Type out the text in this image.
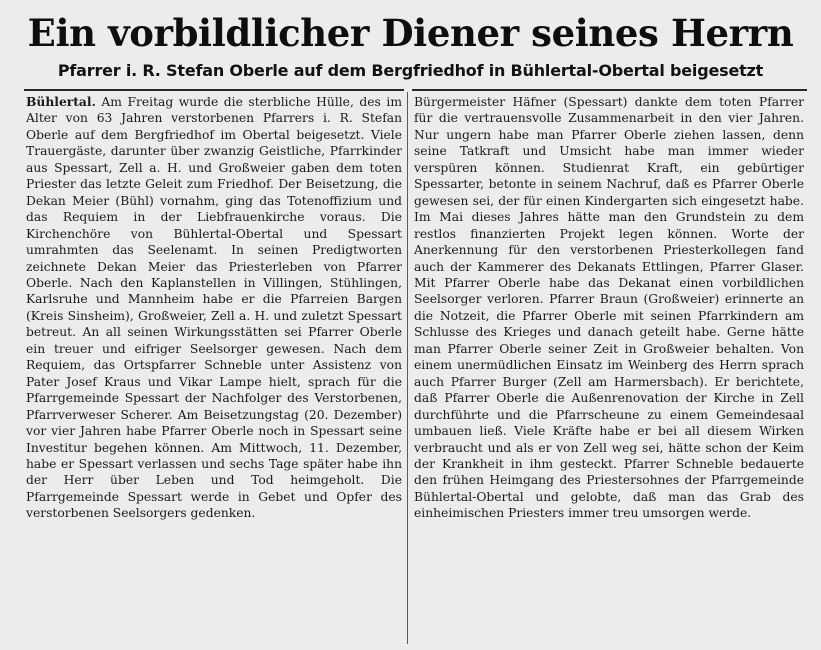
Ein vorbildlicher Diener seines Herrn
Pfarrer i. R. Stefan Oberle auf dem Bergfriedhof in Bühlertal-Obertal beigesetzt

Bühlertal. Am Freitag wurde die sterbliche Hülle, des im Alter von 63 Jahren verstorbenen Pfarrers i. R. Stefan Oberle auf dem Bergfriedhof im Obertal beigesetzt. Viele Trauergäste, darunter über zwanzig Geistliche, Pfarrkinder aus Spessart, Zell a. H. und Großweier gaben dem toten Priester das letzte Geleit zum Friedhof. Der Beisetzung, die Dekan Meier (Bühl) vornahm, ging das Totenoffizium und das Requiem in der Liebfrauenkirche voraus. Die Kirchenchöre von Bühlertal-Obertal und Spessart umrahmten das Seelenamt. In seinen Predigtworten zeichnete Dekan Meier das Priesterleben von Pfarrer Oberle. Nach den Kaplanstellen in Villingen, Stühlingen, Karlsruhe und Mannheim habe er die Pfarreien Bargen (Kreis Sinsheim), Großweier, Zell a. H. und zuletzt Spessart betreut. An all seinen Wirkungsstätten sei Pfarrer Oberle ein treuer und eifriger Seelsorger gewesen. Nach dem Requiem, das Ortspfarrer Schneble unter Assistenz von Pater Josef Kraus und Vikar Lampe hielt, sprach für die Pfarrgemeinde Spessart der Nachfolger des Verstorbenen, Pfarrverweser Scherer. Am Beisetzungstag (20. Dezember) vor vier Jahren habe Pfarrer Oberle noch in Spessart seine Investitur begehen können. Am Mittwoch, 11. Dezember, habe er Spessart verlassen und sechs Tage später habe ihn der Herr über Leben und Tod heimgeholt. Die Pfarrgemeinde Spessart werde in Gebet und Opfer des verstorbenen Seelsorgers gedenken.

Bürgermeister Häfner (Spessart) dankte dem toten Pfarrer für die vertrauensvolle Zusammenarbeit in den vier Jahren. Nur ungern habe man Pfarrer Oberle ziehen lassen, denn seine Tatkraft und Umsicht habe man immer wieder verspüren können. Studienrat Kraft, ein gebürtiger Spessarter, betonte in seinem Nachruf, daß es Pfarrer Oberle gewesen sei, der für einen Kindergarten sich eingesetzt habe. Im Mai dieses Jahres hätte man den Grundstein zu dem restlos finanzierten Projekt legen können. Worte der Anerkennung für den verstorbenen Priesterkollegen fand auch der Kammerer des Dekanats Ettlingen, Pfarrer Glaser. Mit Pfarrer Oberle habe das Dekanat einen vorbildlichen Seelsorger verloren. Pfarrer Braun (Großweier) erinnerte an die Notzeit, die Pfarrer Oberle mit seinen Pfarrkindern am Schlusse des Krieges und danach geteilt habe. Gerne hätte man Pfarrer Oberle seiner Zeit in Großweier behalten. Von einem unermüdlichen Einsatz im Weinberg des Herrn sprach auch Pfarrer Burger (Zell am Harmersbach). Er berichtete, daß Pfarrer Oberle die Außenrenovation der Kirche in Zell durchführte und die Pfarrscheune zu einem Gemeindesaal umbauen ließ. Viele Kräfte habe er bei all diesem Wirken verbraucht und als er von Zell weg sei, hätte schon der Keim der Krankheit in ihm gesteckt. Pfarrer Schneble bedauerte den frühen Heimgang des Priestersohnes der Pfarrgemeinde Bühlertal-Obertal und gelobte, daß man das Grab des einheimischen Priesters immer treu umsorgen werde.
